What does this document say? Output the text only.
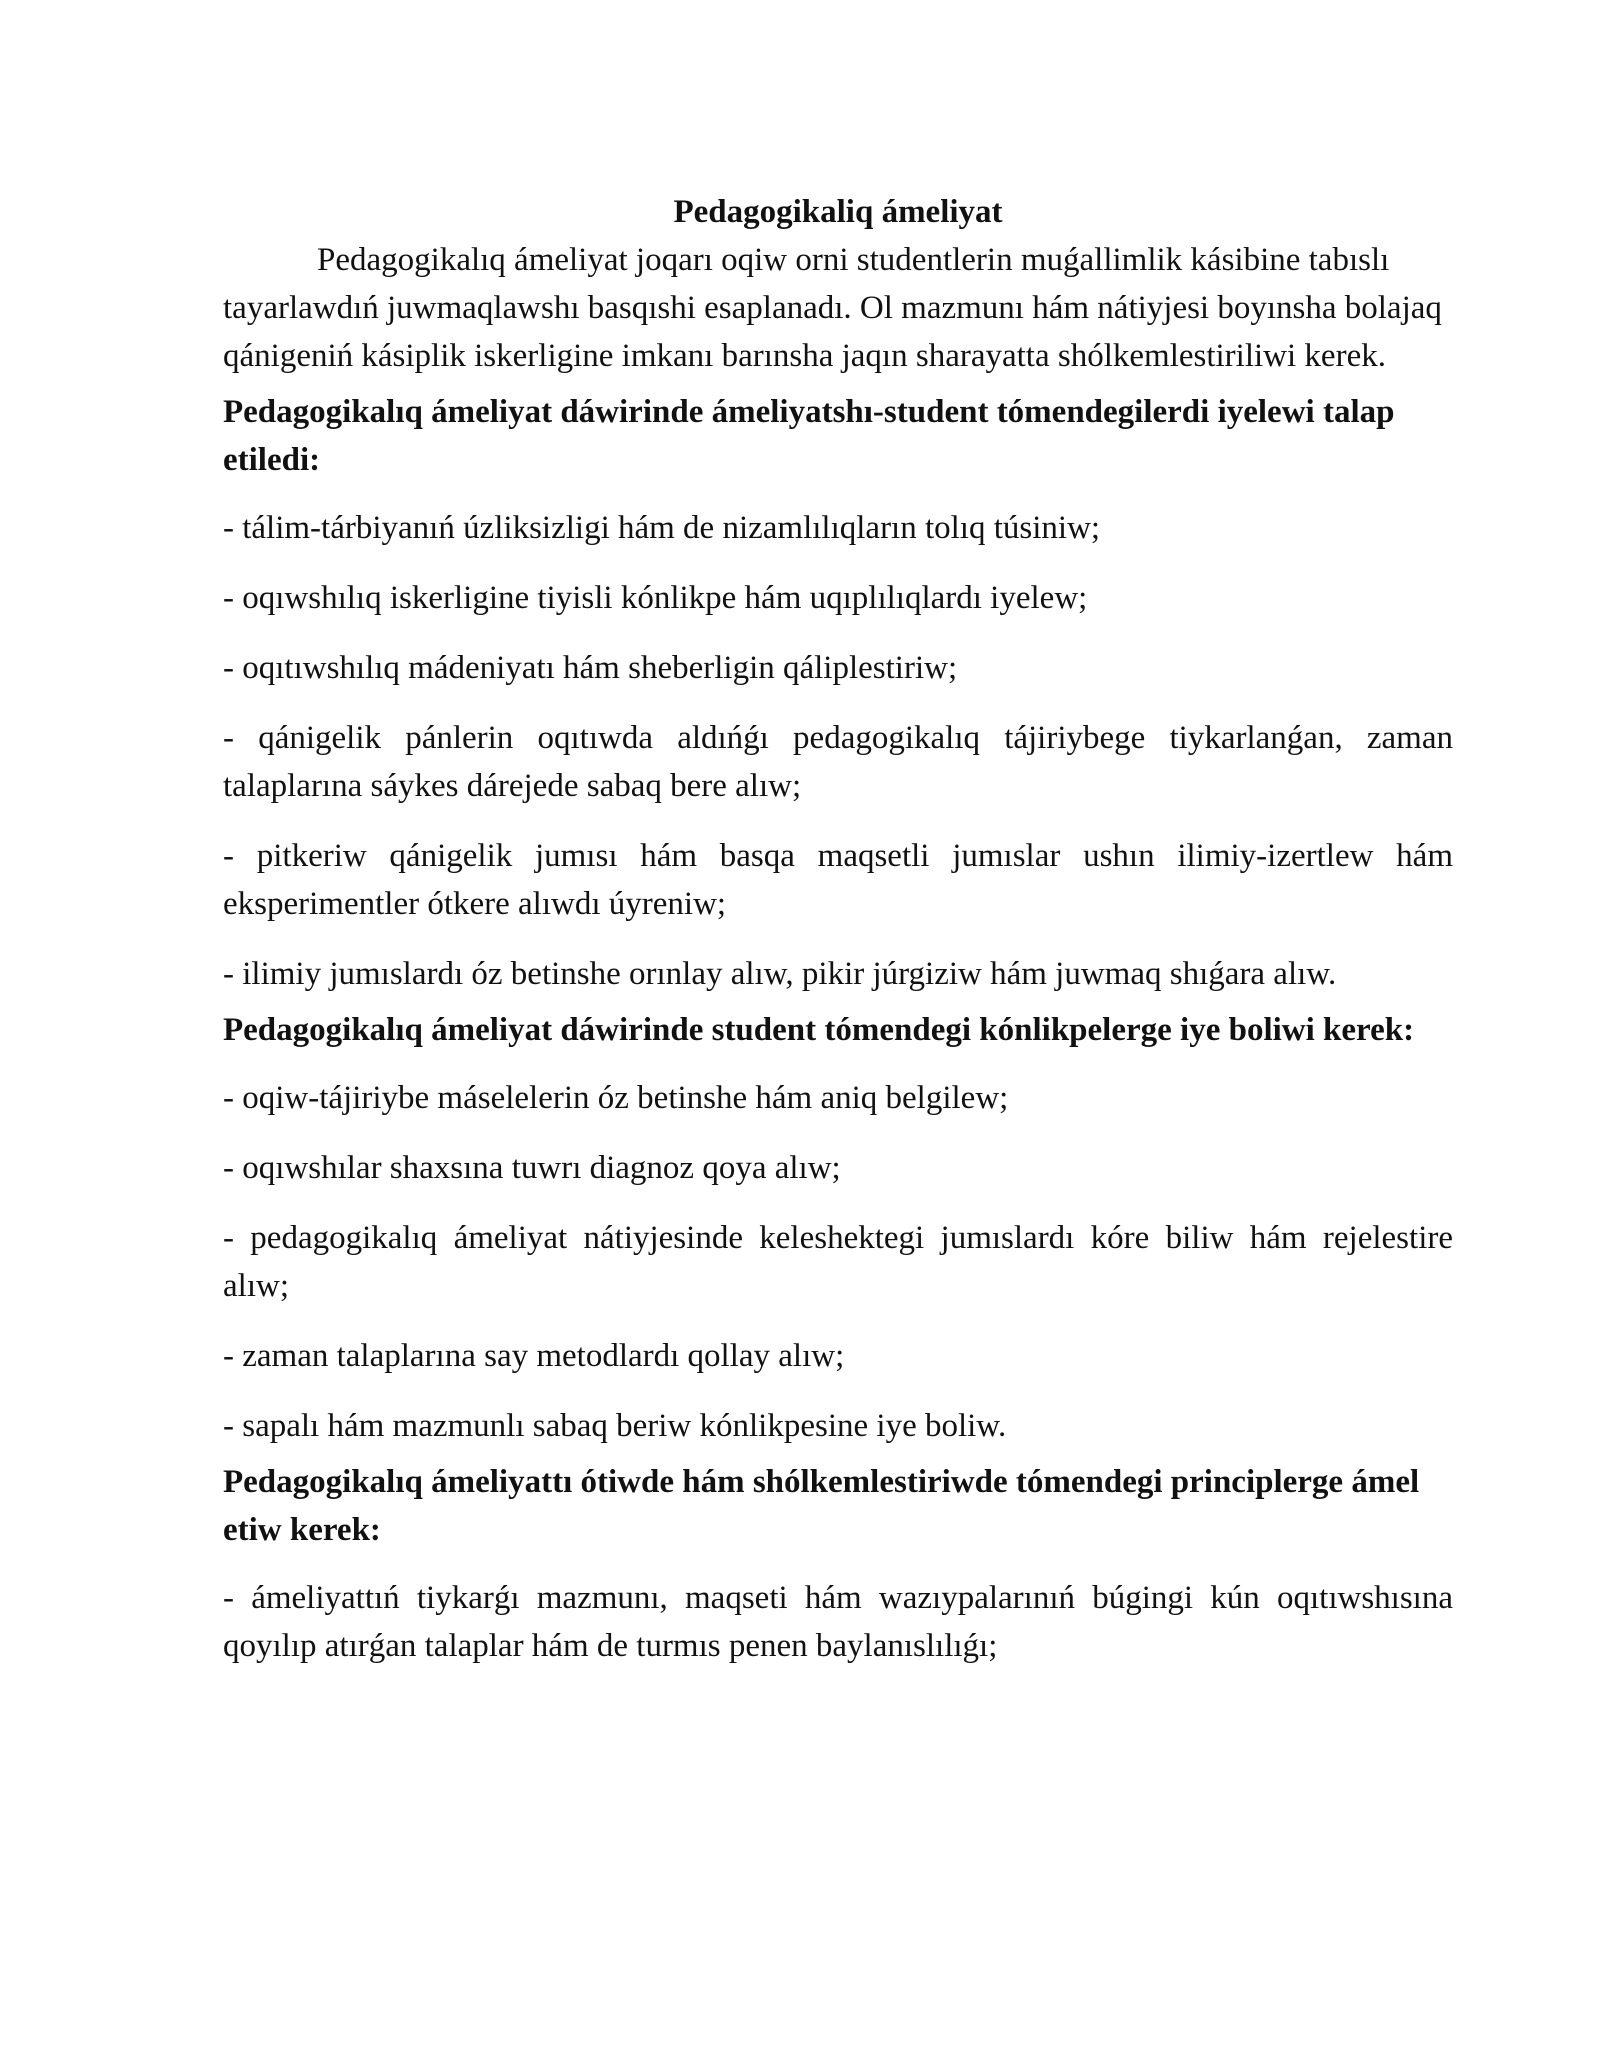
Pedagogikaliq ámeliyat

Pedagogikalıq ámeliyat joqarı oqiw orni studentlerin muǵallimlik kásibine tabıslı tayarlawdıń juwmaqlawshı basqıshi esaplanadı. Ol mazmunı hám nátiyjesi boyınsha bolajaq qánigeniń kásiplik iskerligine imkanı barınsha jaqın sharayatta shólkemlestiriliwi kerek.

Pedagogikalıq ámeliyat dáwirinde ámeliyatshı-student tómendegilerdi iyelewi talap etiledi:

- tálim-tárbiyanıń úzliksizligi hám de nizamlılıqların tolıq túsiniw;

- oqıwshılıq iskerligine tiyisli kónlikpe hám uqıplılıqlardı iyelew;

- oqıtıwshılıq mádeniyatı hám sheberligin qáliplestiriw;

- qánigelik pánlerin oqıtıwda aldıńǵı pedagogikalıq tájiriybege tiykarlanǵan, zaman talaplarına sáykes dárejede sabaq bere alıw;

- pitkeriw qánigelik jumısı hám basqa maqsetli jumıslar ushın ilimiy-izertlew hám eksperimentler ótkere alıwdı úyreniw;

- ilimiy jumıslardı óz betinshe orınlay alıw, pikir júrgiziw hám juwmaq shıǵara alıw.

Pedagogikalıq ámeliyat dáwirinde student tómendegi kónlikpelerge iye boliwi kerek:

- oqiw-tájiriybe máselelerin óz betinshe hám aniq belgilew;

- oqıwshılar shaxsına tuwrı diagnoz qoya alıw;

- pedagogikalıq ámeliyat nátiyjesinde keleshektegi jumıslardı kóre biliw hám rejelestire alıw;

- zaman talaplarına say metodlardı qollay alıw;

- sapalı hám mazmunlı sabaq beriw kónlikpesine iye boliw.

Pedagogikalıq ámeliyattı ótiwde hám shólkemlestiriwde tómendegi principlerge ámel etiw kerek:

- ámeliyattıń tiykarǵı mazmunı, maqseti hám wazıypalarınıń búgingi kún oqıtıwshısına qoyılıp atırǵan talaplar hám de turmıs penen baylanıslılıǵı;
